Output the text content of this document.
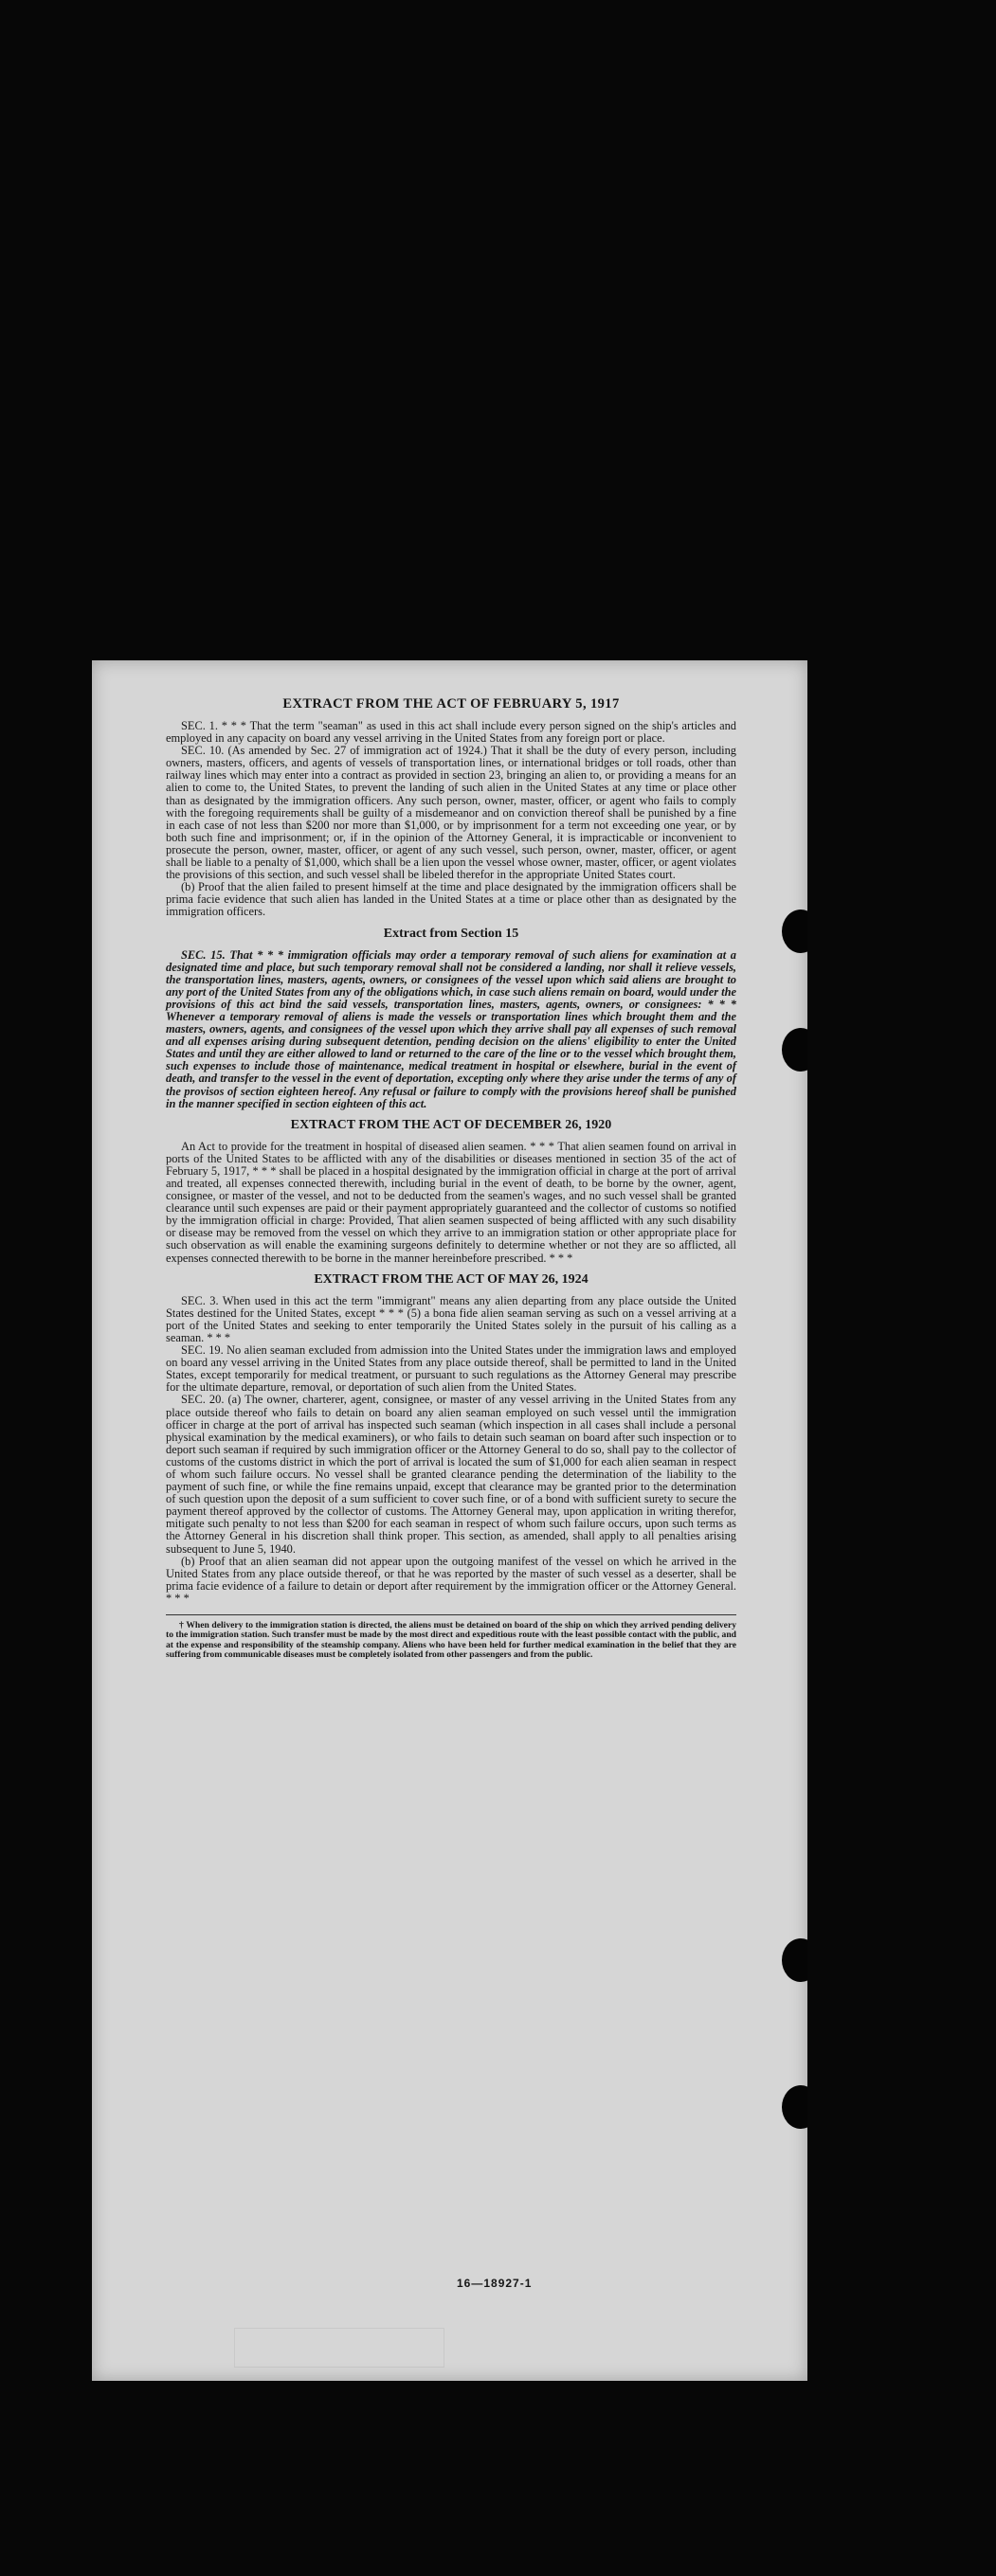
EXTRACT FROM THE ACT OF FEBRUARY 5, 1917

SEC. 1. * * * That the term "seaman" as used in this act shall include every person signed on the ship's articles and employed in any capacity on board any vessel arriving in the United States from any foreign port or place.

SEC. 10. (As amended by Sec. 27 of immigration act of 1924.) That it shall be the duty of every person, including owners, masters, officers, and agents of vessels of transportation lines, or international bridges or toll roads, other than railway lines which may enter into a contract as provided in section 23, bringing an alien to, or providing a means for an alien to come to, the United States, to prevent the landing of such alien in the United States at any time or place other than as designated by the immigration officers. Any such person, owner, master, officer, or agent who fails to comply with the foregoing requirements shall be guilty of a misdemeanor and on conviction thereof shall be punished by a fine in each case of not less than $200 nor more than $1,000, or by imprisonment for a term not exceeding one year, or by both such fine and imprisonment; or, if in the opinion of the Attorney General, it is impracticable or inconvenient to prosecute the person, owner, master, officer, or agent of any such vessel, such person, owner, master, officer, or agent shall be liable to a penalty of $1,000, which shall be a lien upon the vessel whose owner, master, officer, or agent violates the provisions of this section, and such vessel shall be libeled therefor in the appropriate United States court.

(b) Proof that the alien failed to present himself at the time and place designated by the immigration officers shall be prima facie evidence that such alien has landed in the United States at a time or place other than as designated by the immigration officers.

Extract from Section 15

SEC. 15. That * * * immigration officials may order a temporary removal of such aliens for examination at a designated time and place, but such temporary removal shall not be considered a landing, nor shall it relieve vessels, the transportation lines, masters, agents, owners, or consignees of the vessel upon which said aliens are brought to any port of the United States from any of the obligations which, in case such aliens remain on board, would under the provisions of this act bind the said vessels, transportation lines, masters, agents, owners, or consignees: * * * Whenever a temporary removal of aliens is made the vessels or transportation lines which brought them and the masters, owners, agents, and consignees of the vessel upon which they arrive shall pay all expenses of such removal and all expenses arising during subsequent detention, pending decision on the aliens' eligibility to enter the United States and until they are either allowed to land or returned to the care of the line or to the vessel which brought them, such expenses to include those of maintenance, medical treatment in hospital or elsewhere, burial in the event of death, and transfer to the vessel in the event of deportation, excepting only where they arise under the terms of any of the provisos of section eighteen hereof. Any refusal or failure to comply with the provisions hereof shall be punished in the manner specified in section eighteen of this act.

EXTRACT FROM THE ACT OF DECEMBER 26, 1920

An Act to provide for the treatment in hospital of diseased alien seamen. * * * That alien seamen found on arrival in ports of the United States to be afflicted with any of the disabilities or diseases mentioned in section 35 of the act of February 5, 1917, * * * shall be placed in a hospital designated by the immigration official in charge at the port of arrival and treated, all expenses connected therewith, including burial in the event of death, to be borne by the owner, agent, consignee, or master of the vessel, and not to be deducted from the seamen's wages, and no such vessel shall be granted clearance until such expenses are paid or their payment appropriately guaranteed and the collector of customs so notified by the immigration official in charge: Provided, That alien seamen suspected of being afflicted with any such disability or disease may be removed from the vessel on which they arrive to an immigration station or other appropriate place for such observation as will enable the examining surgeons definitely to determine whether or not they are so afflicted, all expenses connected therewith to be borne in the manner hereinbefore prescribed. * * *

EXTRACT FROM THE ACT OF MAY 26, 1924

SEC. 3. When used in this act the term "immigrant" means any alien departing from any place outside the United States destined for the United States, except * * * (5) a bona fide alien seaman serving as such on a vessel arriving at a port of the United States and seeking to enter temporarily the United States solely in the pursuit of his calling as a seaman. * * *

SEC. 19. No alien seaman excluded from admission into the United States under the immigration laws and employed on board any vessel arriving in the United States from any place outside thereof, shall be permitted to land in the United States, except temporarily for medical treatment, or pursuant to such regulations as the Attorney General may prescribe for the ultimate departure, removal, or deportation of such alien from the United States.

SEC. 20. (a) The owner, charterer, agent, consignee, or master of any vessel arriving in the United States from any place outside thereof who fails to detain on board any alien seaman employed on such vessel until the immigration officer in charge at the port of arrival has inspected such seaman (which inspection in all cases shall include a personal physical examination by the medical examiners), or who fails to detain such seaman on board after such inspection or to deport such seaman if required by such immigration officer or the Attorney General to do so, shall pay to the collector of customs of the customs district in which the port of arrival is located the sum of $1,000 for each alien seaman in respect of whom such failure occurs. No vessel shall be granted clearance pending the determination of the liability to the payment of such fine, or while the fine remains unpaid, except that clearance may be granted prior to the determination of such question upon the deposit of a sum sufficient to cover such fine, or of a bond with sufficient surety to secure the payment thereof approved by the collector of customs. The Attorney General may, upon application in writing therefor, mitigate such penalty to not less than $200 for each seaman in respect of whom such failure occurs, upon such terms as the Attorney General in his discretion shall think proper. This section, as amended, shall apply to all penalties arising subsequent to June 5, 1940.

(b) Proof that an alien seaman did not appear upon the outgoing manifest of the vessel on which he arrived in the United States from any place outside thereof, or that he was reported by the master of such vessel as a deserter, shall be prima facie evidence of a failure to detain or deport after requirement by the immigration officer or the Attorney General. * * *

† When delivery to the immigration station is directed, the aliens must be detained on board of the ship on which they arrived pending delivery to the immigration station. Such transfer must be made by the most direct and expeditious route with the least possible contact with the public, and at the expense and responsibility of the steamship company. Aliens who have been held for further medical examination in the belief that they are suffering from communicable diseases must be completely isolated from other passengers and from the public.
16—18927-1
